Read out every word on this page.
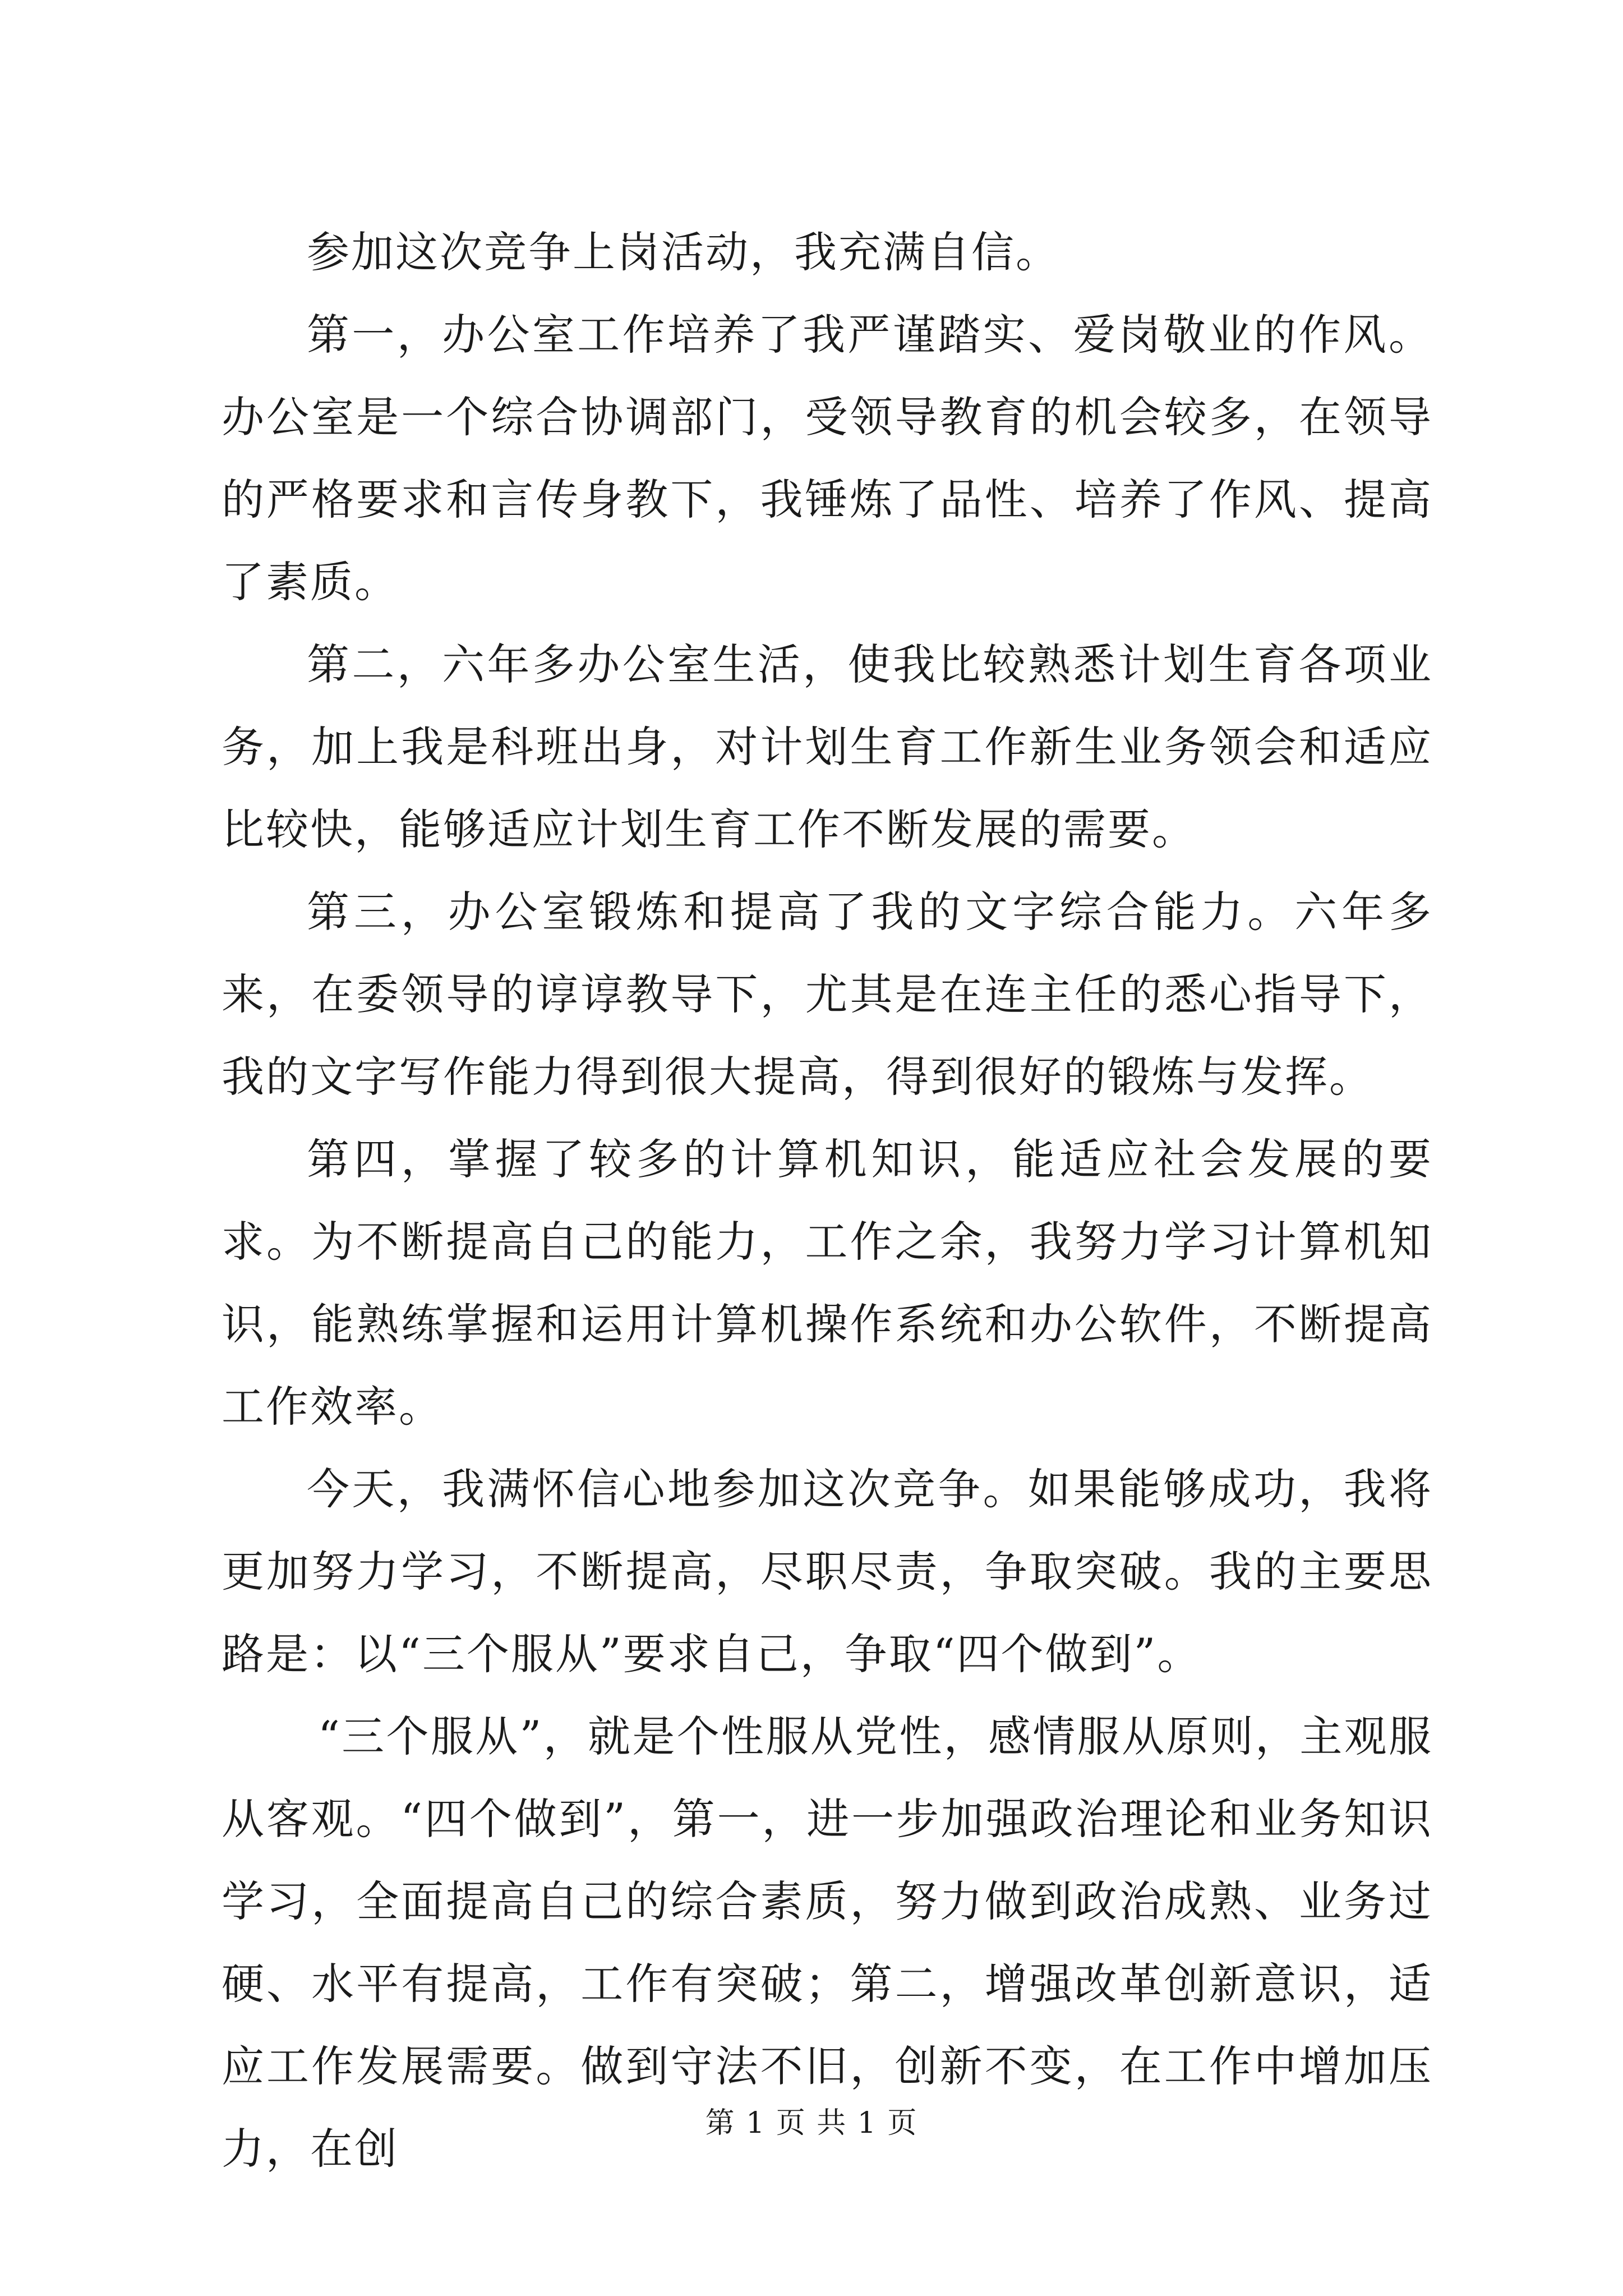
参加这次竞争上岗活动，我充满自信。

第一，办公室工作培养了我严谨踏实、爱岗敬业的作风。办公室是一个综合协调部门，受领导教育的机会较多，在领导的严格要求和言传身教下，我锤炼了品性、培养了作风、提高了素质。

第二，六年多办公室生活，使我比较熟悉计划生育各项业务，加上我是科班出身，对计划生育工作新生业务领会和适应比较快，能够适应计划生育工作不断发展的需要。

第三，办公室锻炼和提高了我的文字综合能力。六年多来，在委领导的谆谆教导下，尤其是在连主任的悉心指导下，我的文字写作能力得到很大提高，得到很好的锻炼与发挥。

第四，掌握了较多的计算机知识，能适应社会发展的要求。为不断提高自己的能力，工作之余，我努力学习计算机知识，能熟练掌握和运用计算机操作系统和办公软件，不断提高工作效率。

今天，我满怀信心地参加这次竞争。如果能够成功，我将更加努力学习，不断提高，尽职尽责，争取突破。我的主要思路是：以“三个服从”要求自己，争取“四个做到”。

“三个服从”，就是个性服从党性，感情服从原则，主观服从客观。“四个做到”，第一，进一步加强政治理论和业务知识学习，全面提高自己的综合素质，努力做到政治成熟、业务过硬、水平有提高，工作有突破；第二，增强改革创新意识，适应工作发展需要。做到守法不旧，创新不变，在工作中增加压力，在创

第 1 页 共 1 页
